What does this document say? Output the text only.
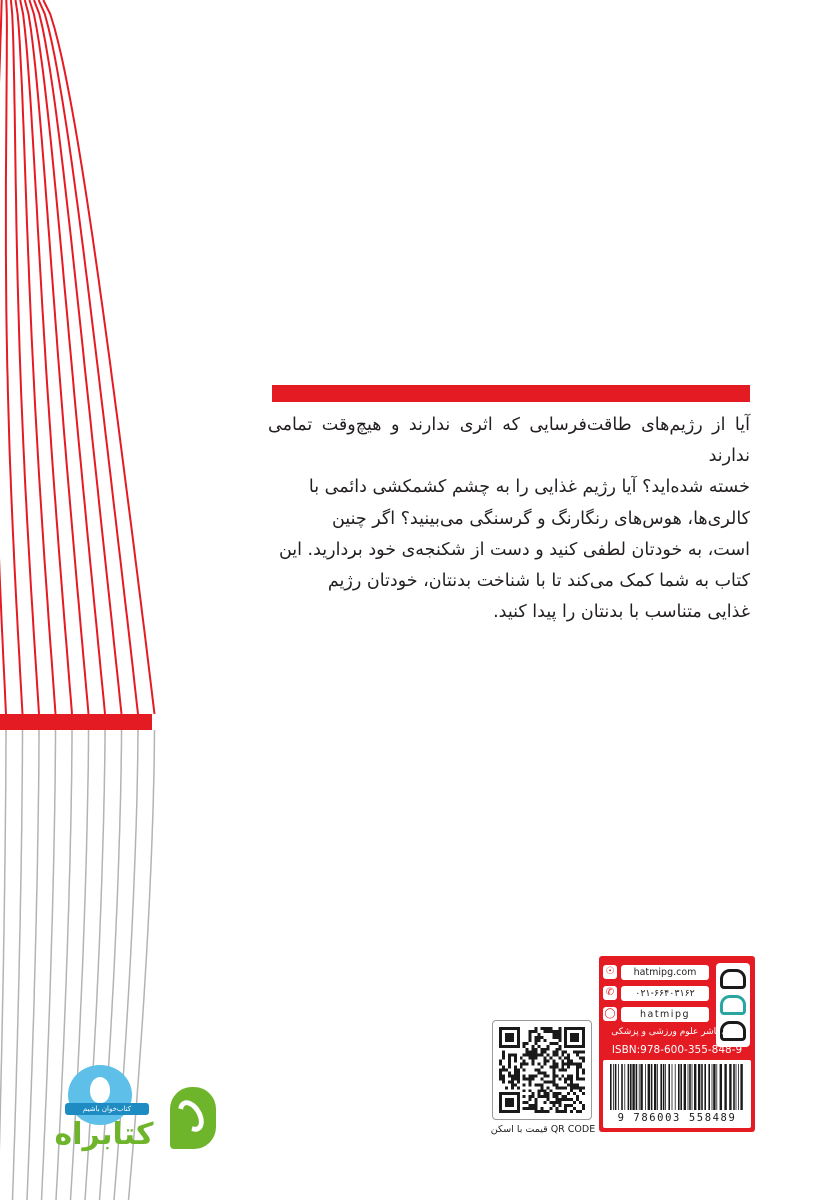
آیا از رژیم‌های طاقت‌فرسایی که اثری ندارند و هیچ‌وقت تمامی ندارند
خسته شده‌اید؟ آیا رژیم غذایی را به چشم کشمکشی دائمی با
کالری‌ها، هوس‌های رنگارنگ و گرسنگی می‌بینید؟ اگر چنین
است، به خودتان لطفی کنید و دست از شکنجه‌ی خود بردارید. این
کتاب به شما کمک می‌کند تا با شناخت بدنتان، خودتان رژیم
غذایی متناسب با بدنتان را پیدا کنید.
☉	hatmipg.com
✆	۰۲۱-۶۶۴۰۳۱۶۲
◯	hatmipg
حتمی ناشر علوم ورزشی و پزشکی
ISBN:978-600-355-848-9
9 786003 558489
قیمت با اسکن QR CODE
کتاب‌خوان باشیم
کتابراه
